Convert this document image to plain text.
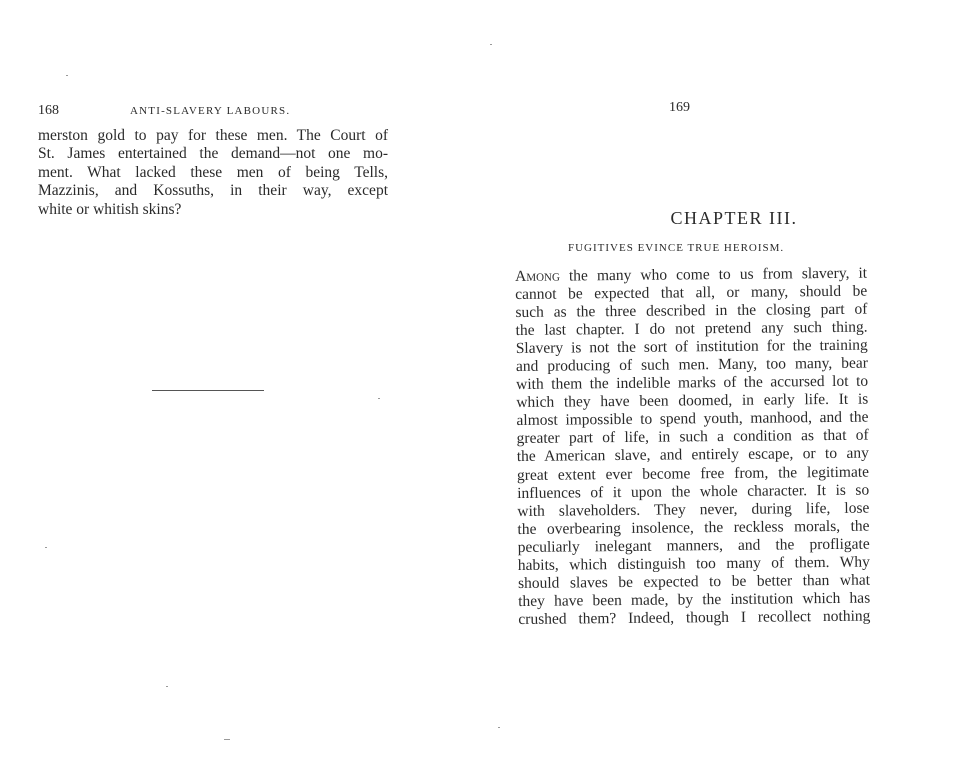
168	ANTI-SLAVERY LABOURS.
merston gold to pay for these men. The Court of
St. James entertained the demand—not one mo-
ment. What lacked these men of being Tells,
Mazzinis, and Kossuths, in their way, except
white or whitish skins?
169
CHAPTER III.
FUGITIVES EVINCE TRUE HEROISM.
Among the many who come to us from slavery, it
cannot be expected that all, or many, should be
such as the three described in the closing part of
the last chapter. I do not pretend any such thing.
Slavery is not the sort of institution for the training
and producing of such men. Many, too many, bear
with them the indelible marks of the accursed lot to
which they have been doomed, in early life. It is
almost impossible to spend youth, manhood, and the
greater part of life, in such a condition as that of
the American slave, and entirely escape, or to any
great extent ever become free from, the legitimate
influences of it upon the whole character. It is so
with slaveholders. They never, during life, lose
the overbearing insolence, the reckless morals, the
peculiarly inelegant manners, and the profligate
habits, which distinguish too many of them. Why
should slaves be expected to be better than what
they have been made, by the institution which has
crushed them? Indeed, though I recollect nothing
